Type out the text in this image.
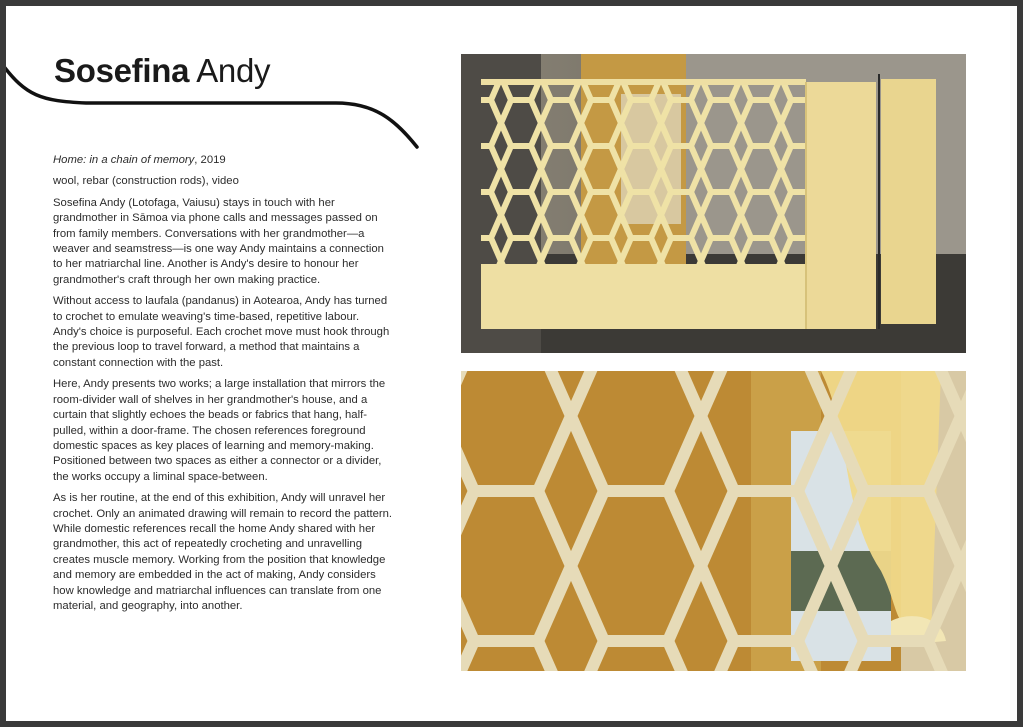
Sosefina Andy

Home: in a chain of memory, 2019

wool, rebar (construction rods), video

Sosefina Andy (Lotofaga, Vaiusu) stays in touch with her grandmother in Sāmoa via phone calls and messages passed on from family members. Conversations with her grandmother—a weaver and seamstress—is one way Andy maintains a connection to her matriarchal line. Another is Andy's desire to honour her grandmother's craft through her own making practice.

Without access to laufala (pandanus) in Aotearoa, Andy has turned to crochet to emulate weaving's time-based, repetitive labour. Andy's choice is purposeful. Each crochet move must hook through the previous loop to travel forward, a method that maintains a constant connection with the past.

Here, Andy presents two works; a large installation that mirrors the room-divider wall of shelves in her grandmother's house, and a curtain that slightly echoes the beads or fabrics that hang, half-pulled, within a door-frame. The chosen references foreground domestic spaces as key places of learning and memory-making. Positioned between two spaces as either a connector or a divider, the works occupy a liminal space-between.

As is her routine, at the end of this exhibition, Andy will unravel her crochet. Only an animated drawing will remain to record the pattern. While domestic references recall the home Andy shared with her grandmother, this act of repeatedly crocheting and unravelling creates muscle memory. Working from the position that knowledge and memory are embedded in the act of making, Andy considers how knowledge and matriarchal influences can translate from one material, and geography, into another.
